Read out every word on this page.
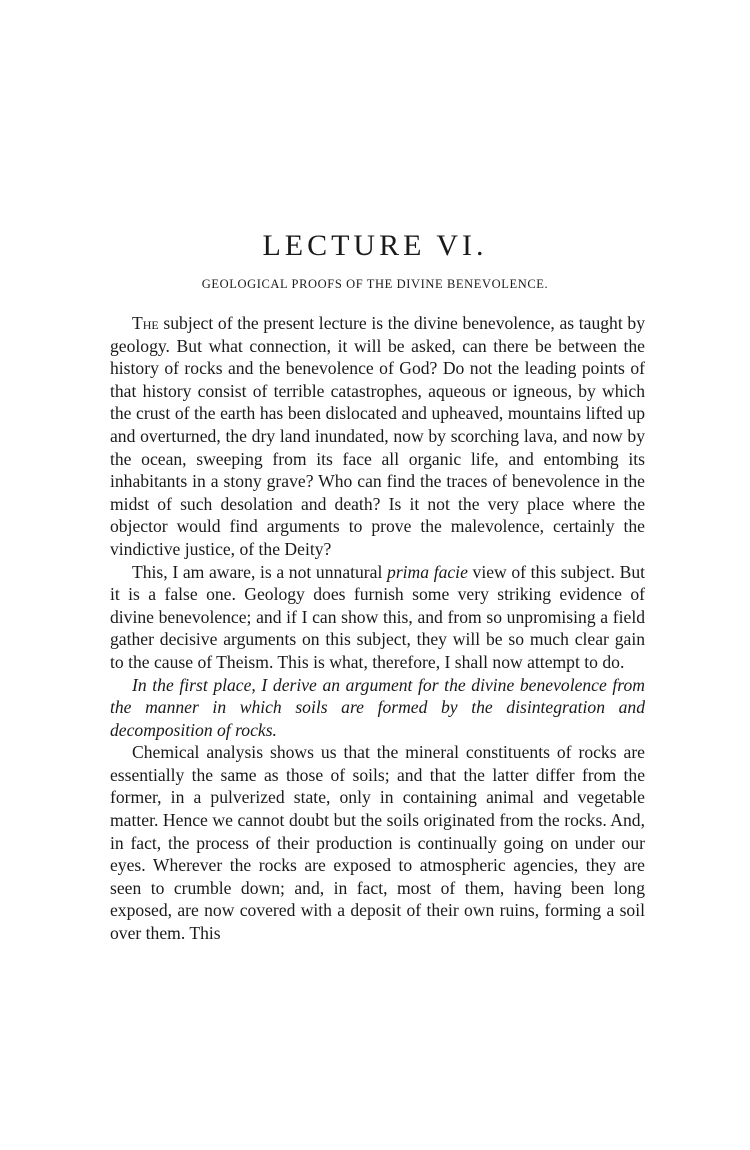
LECTURE VI.
GEOLOGICAL PROOFS OF THE DIVINE BENEVOLENCE.

The subject of the present lecture is the divine benevolence, as taught by geology. But what connection, it will be asked, can there be between the history of rocks and the benevolence of God? Do not the leading points of that history consist of terrible catastrophes, aqueous or igneous, by which the crust of the earth has been dislocated and upheaved, mountains lifted up and overturned, the dry land inundated, now by scorching lava, and now by the ocean, sweeping from its face all organic life, and entombing its inhabitants in a stony grave? Who can find the traces of benevolence in the midst of such desolation and death? Is it not the very place where the objector would find arguments to prove the malevolence, certainly the vindictive justice, of the Deity?

This, I am aware, is a not unnatural prima facie view of this subject. But it is a false one. Geology does furnish some very striking evidence of divine benevolence; and if I can show this, and from so unpromising a field gather decisive arguments on this subject, they will be so much clear gain to the cause of Theism. This is what, therefore, I shall now attempt to do.

In the first place, I derive an argument for the divine benevolence from the manner in which soils are formed by the disintegration and decomposition of rocks.

Chemical analysis shows us that the mineral constituents of rocks are essentially the same as those of soils; and that the latter differ from the former, in a pulverized state, only in containing animal and vegetable matter. Hence we cannot doubt but the soils originated from the rocks. And, in fact, the process of their production is continually going on under our eyes. Wherever the rocks are exposed to atmospheric agencies, they are seen to crumble down; and, in fact, most of them, having been long exposed, are now covered with a deposit of their own ruins, forming a soil over them. This
